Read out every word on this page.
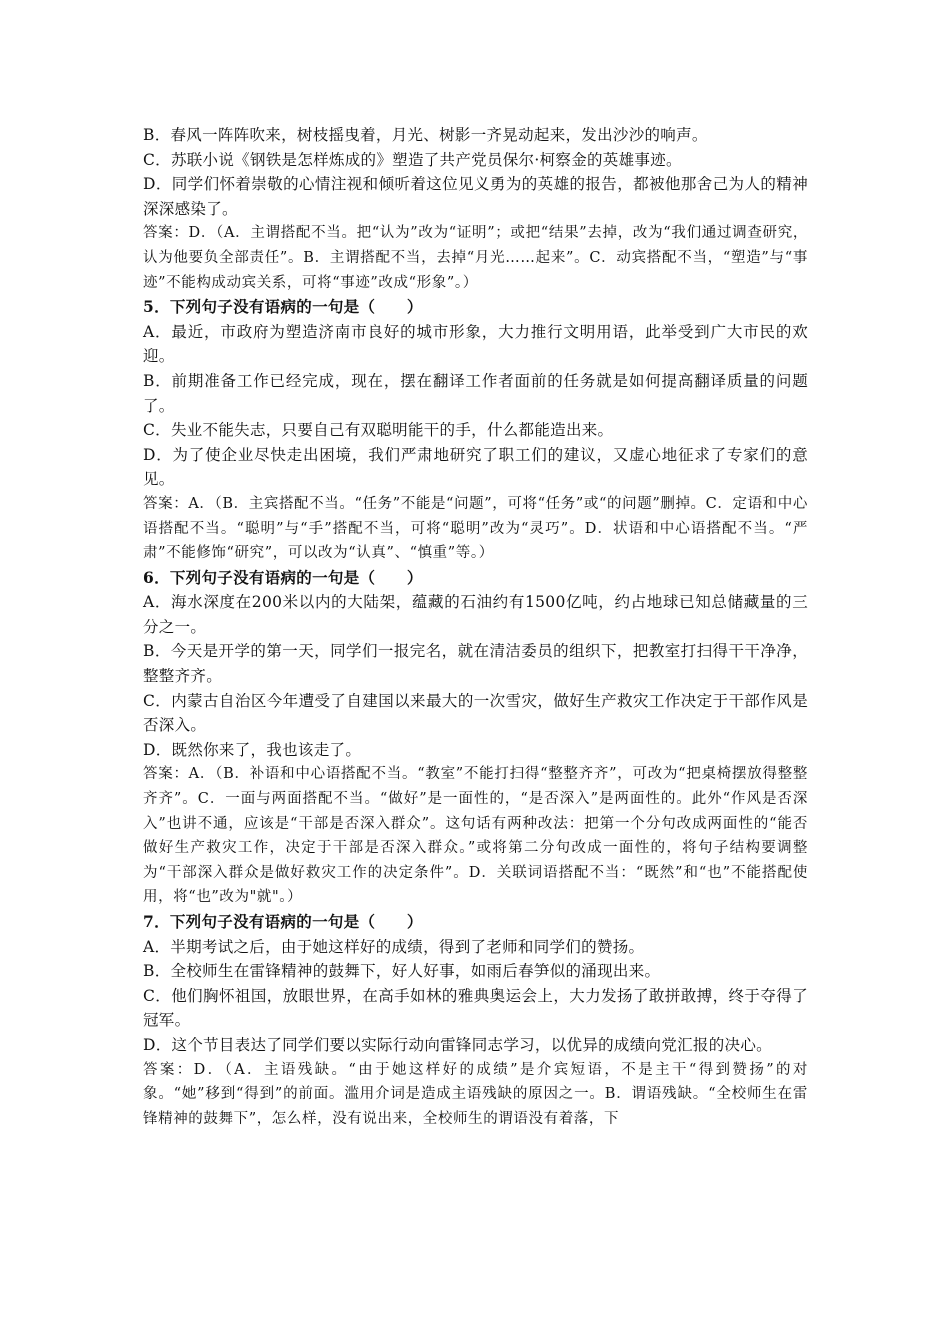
B．春风一阵阵吹来，树枝摇曳着，月光、树影一齐晃动起来，发出沙沙的响声。

C．苏联小说《钢铁是怎样炼成的》塑造了共产党员保尔·柯察金的英雄事迹。

D．同学们怀着崇敬的心情注视和倾听着这位见义勇为的英雄的报告，都被他那舍己为人的精神深深感染了。

答案：D．（A．主谓搭配不当。把“认为”改为“证明”；或把“结果”去掉，改为“我们通过调查研究，认为他要负全部责任”。B．主谓搭配不当，去掉“月光……起来”。C．动宾搭配不当，“塑造”与“事迹”不能构成动宾关系，可将“事迹”改成“形象”。）

5．下列句子没有语病的一句是（　　）

A．最近，市政府为塑造济南市良好的城市形象，大力推行文明用语，此举受到广大市民的欢迎。

B．前期准备工作已经完成，现在，摆在翻译工作者面前的任务就是如何提高翻译质量的问题了。

C．失业不能失志，只要自己有双聪明能干的手，什么都能造出来。

D．为了使企业尽快走出困境，我们严肃地研究了职工们的建议，又虚心地征求了专家们的意见。

答案：A．（B．主宾搭配不当。“任务”不能是“问题”，可将“任务”或“的问题”删掉。C．定语和中心语搭配不当。“聪明”与“手”搭配不当，可将“聪明”改为“灵巧”。D．状语和中心语搭配不当。“严肃”不能修饰“研究”，可以改为“认真”、“慎重”等。）

6．下列句子没有语病的一句是（　　）

A．海水深度在200米以内的大陆架，蕴藏的石油约有1500亿吨，约占地球已知总储藏量的三分之一。

B．今天是开学的第一天，同学们一报完名，就在清洁委员的组织下，把教室打扫得干干净净，整整齐齐。

C．内蒙古自治区今年遭受了自建国以来最大的一次雪灾，做好生产救灾工作决定于干部作风是否深入。

D．既然你来了，我也该走了。

答案：A．（B．补语和中心语搭配不当。“教室”不能打扫得“整整齐齐”，可改为“把桌椅摆放得整整齐齐”。C．一面与两面搭配不当。“做好”是一面性的，“是否深入”是两面性的。此外“作风是否深入”也讲不通，应该是“干部是否深入群众”。这句话有两种改法：把第一个分句改成两面性的“能否做好生产救灾工作，决定于干部是否深入群众。”或将第二分句改成一面性的，将句子结构要调整为“干部深入群众是做好救灾工作的决定条件”。D．关联词语搭配不当：“既然”和“也”不能搭配使用，将“也”改为"就"。）

7．下列句子没有语病的一句是（　　）

A．半期考试之后，由于她这样好的成绩，得到了老师和同学们的赞扬。

B．全校师生在雷锋精神的鼓舞下，好人好事，如雨后春笋似的涌现出来。

C．他们胸怀祖国，放眼世界，在高手如林的雅典奥运会上，大力发扬了敢拼敢搏，终于夺得了冠军。

D．这个节目表达了同学们要以实际行动向雷锋同志学习，以优异的成绩向党汇报的决心。

答案：D．（A．主语残缺。“由于她这样好的成绩”是介宾短语，不是主干“得到赞扬”的对象。“她”移到“得到”的前面。滥用介词是造成主语残缺的原因之一。B．谓语残缺。“全校师生在雷锋精神的鼓舞下”，怎么样，没有说出来，全校师生的谓语没有着落，下
